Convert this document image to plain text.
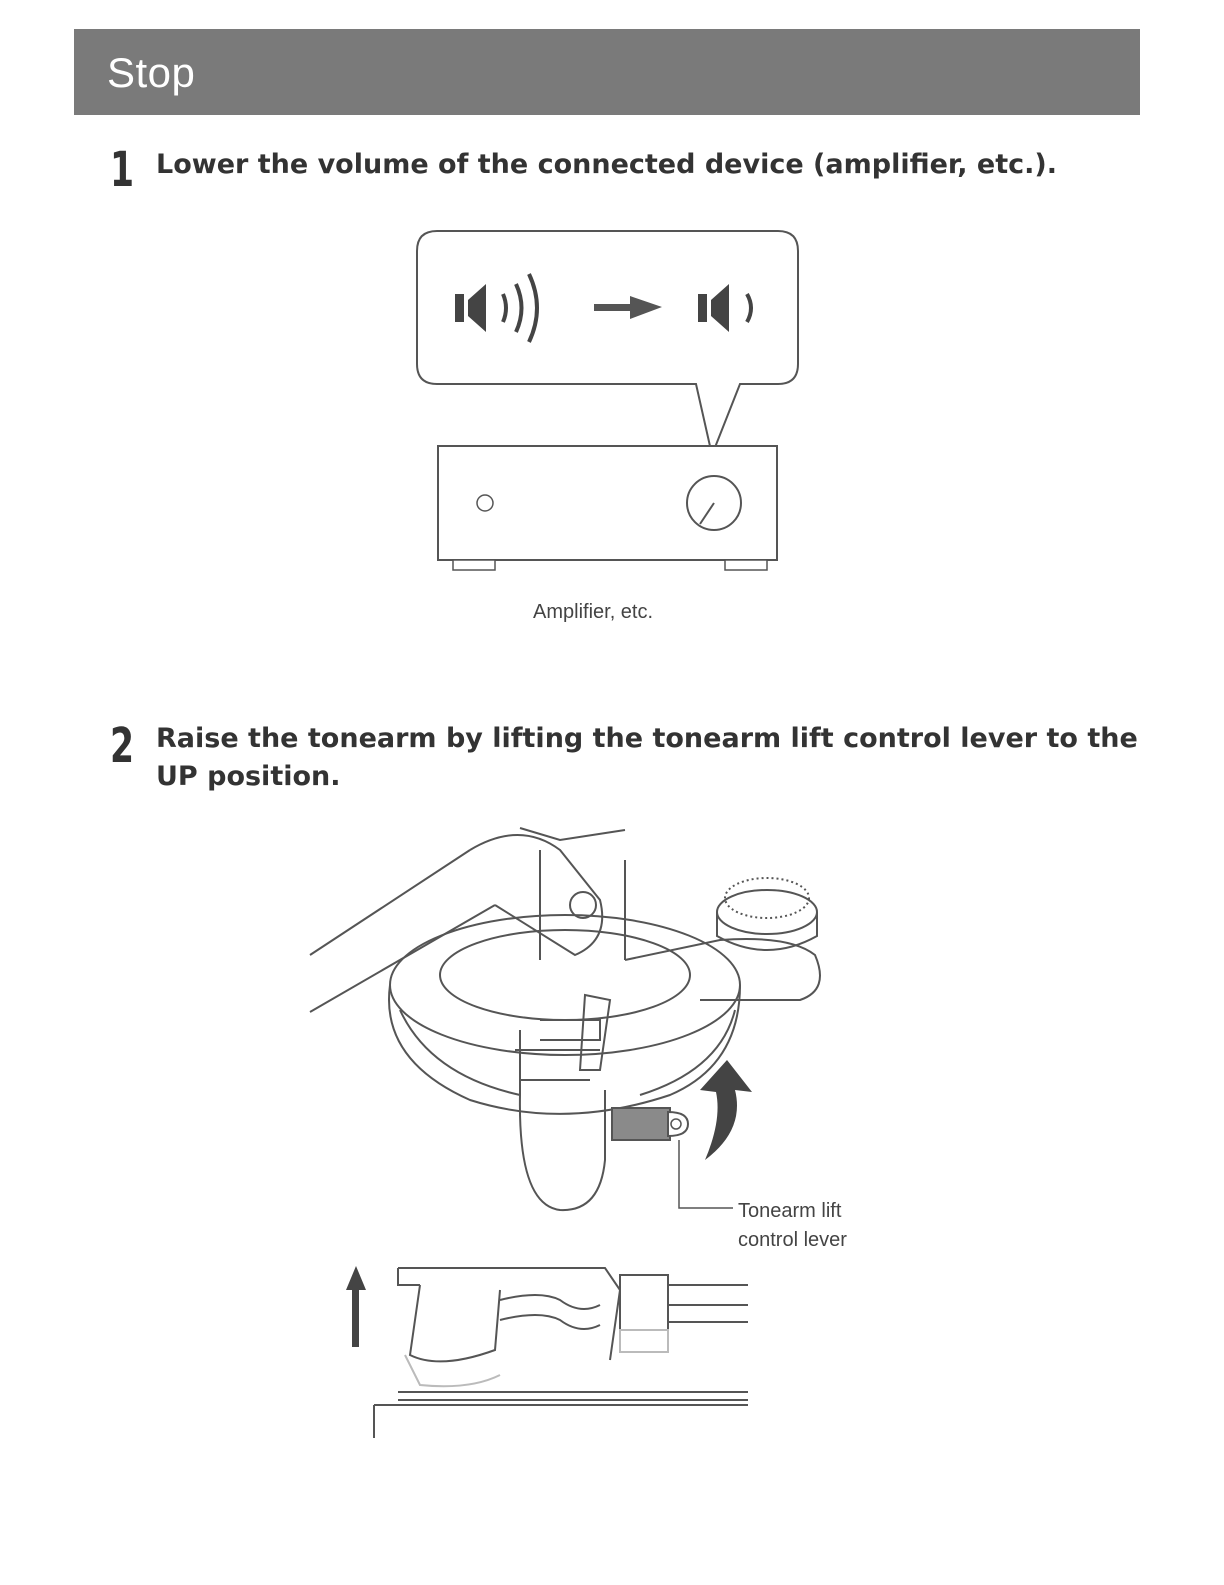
Stop
1 Lower the volume of the connected device (amplifier, etc.).
Amplifier, etc.
2 Raise the tonearm by lifting the tonearm lift control lever to the
UP position.
Tonearm lift
control lever
